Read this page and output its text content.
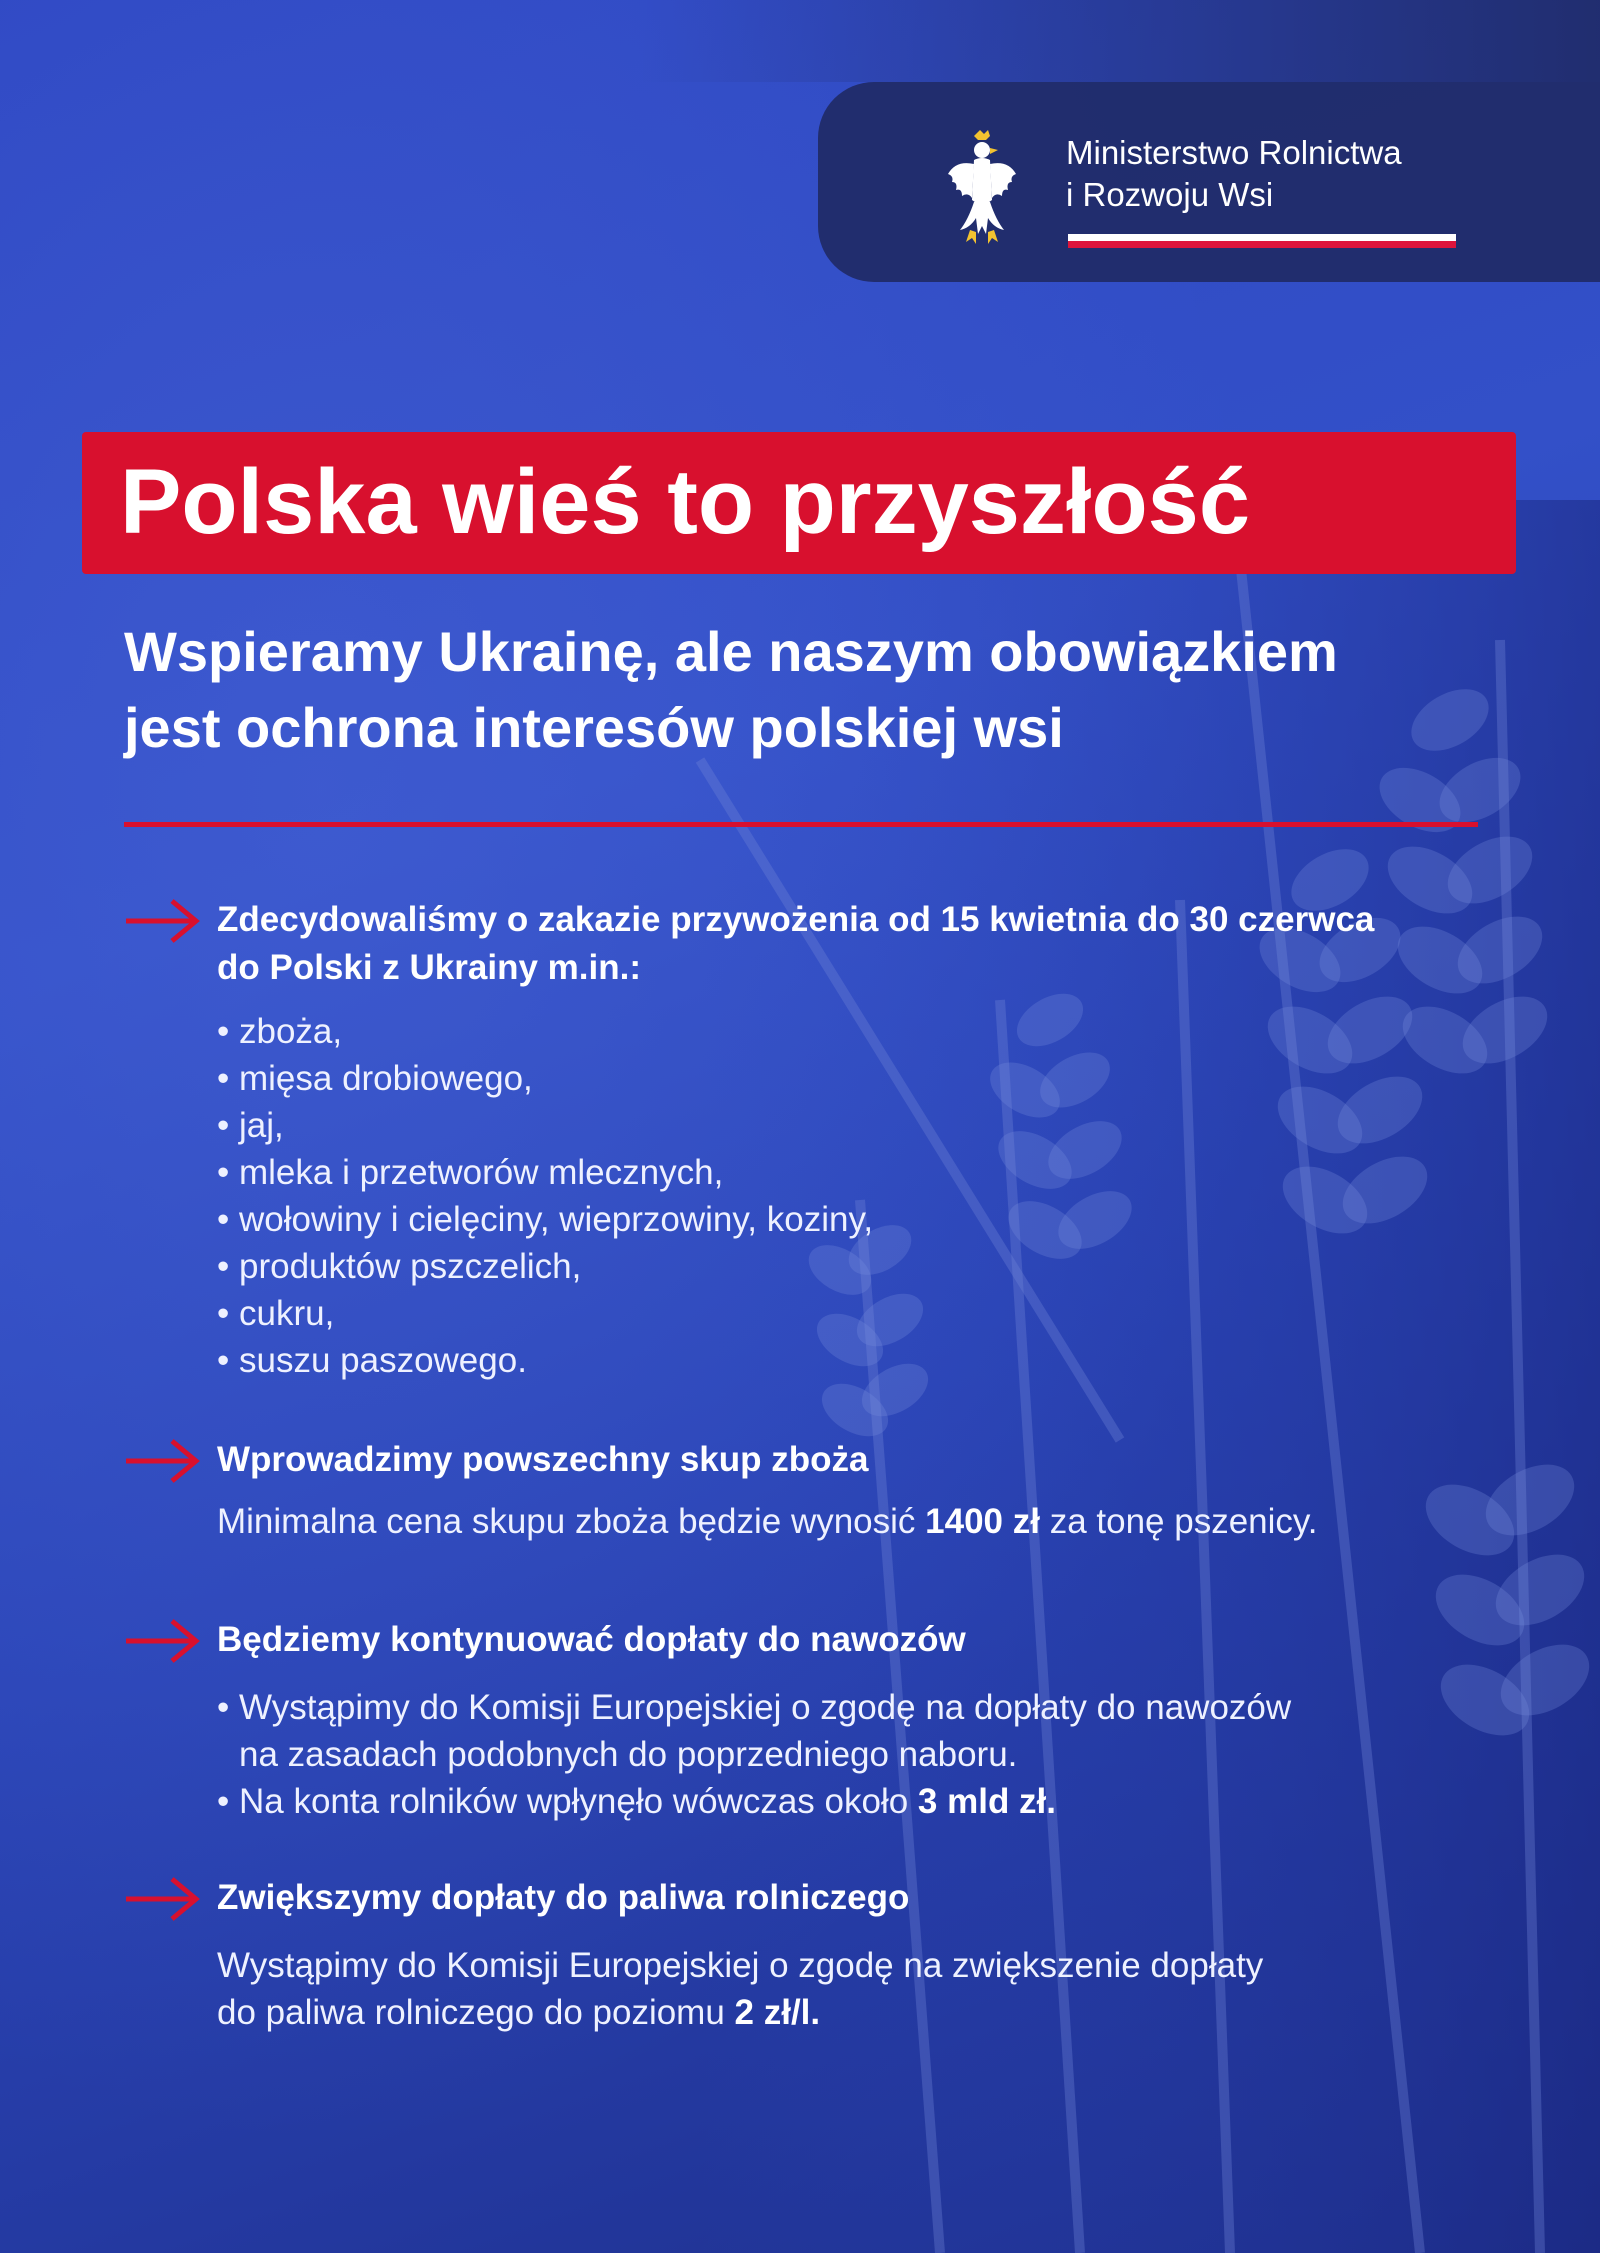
Ministerstwo Rolnictwa
i Rozwoju Wsi
Polska wieś to przyszłość
Wspieramy Ukrainę, ale naszym obowiązkiem
jest ochrona interesów polskiej wsi
Zdecydowaliśmy o zakazie przywożenia od 15 kwietnia do 30 czerwca
do Polski z Ukrainy m.in.:
• zboża,
• mięsa drobiowego,
• jaj,
• mleka i przetworów mlecznych,
• wołowiny i cielęciny, wieprzowiny, koziny,
• produktów pszczelich,
• cukru,
• suszu paszowego.
Wprowadzimy powszechny skup zboża
Minimalna cena skupu zboża będzie wynosić 1400 zł za tonę pszenicy.
Będziemy kontynuować dopłaty do nawozów
• Wystąpimy do Komisji Europejskiej o zgodę na dopłaty do nawozów
na zasadach podobnych do poprzedniego naboru.
• Na konta rolników wpłynęło wówczas około 3 mld zł.
Zwiększymy dopłaty do paliwa rolniczego
Wystąpimy do Komisji Europejskiej o zgodę na zwiększenie dopłaty
do paliwa rolniczego do poziomu 2 zł/l.
